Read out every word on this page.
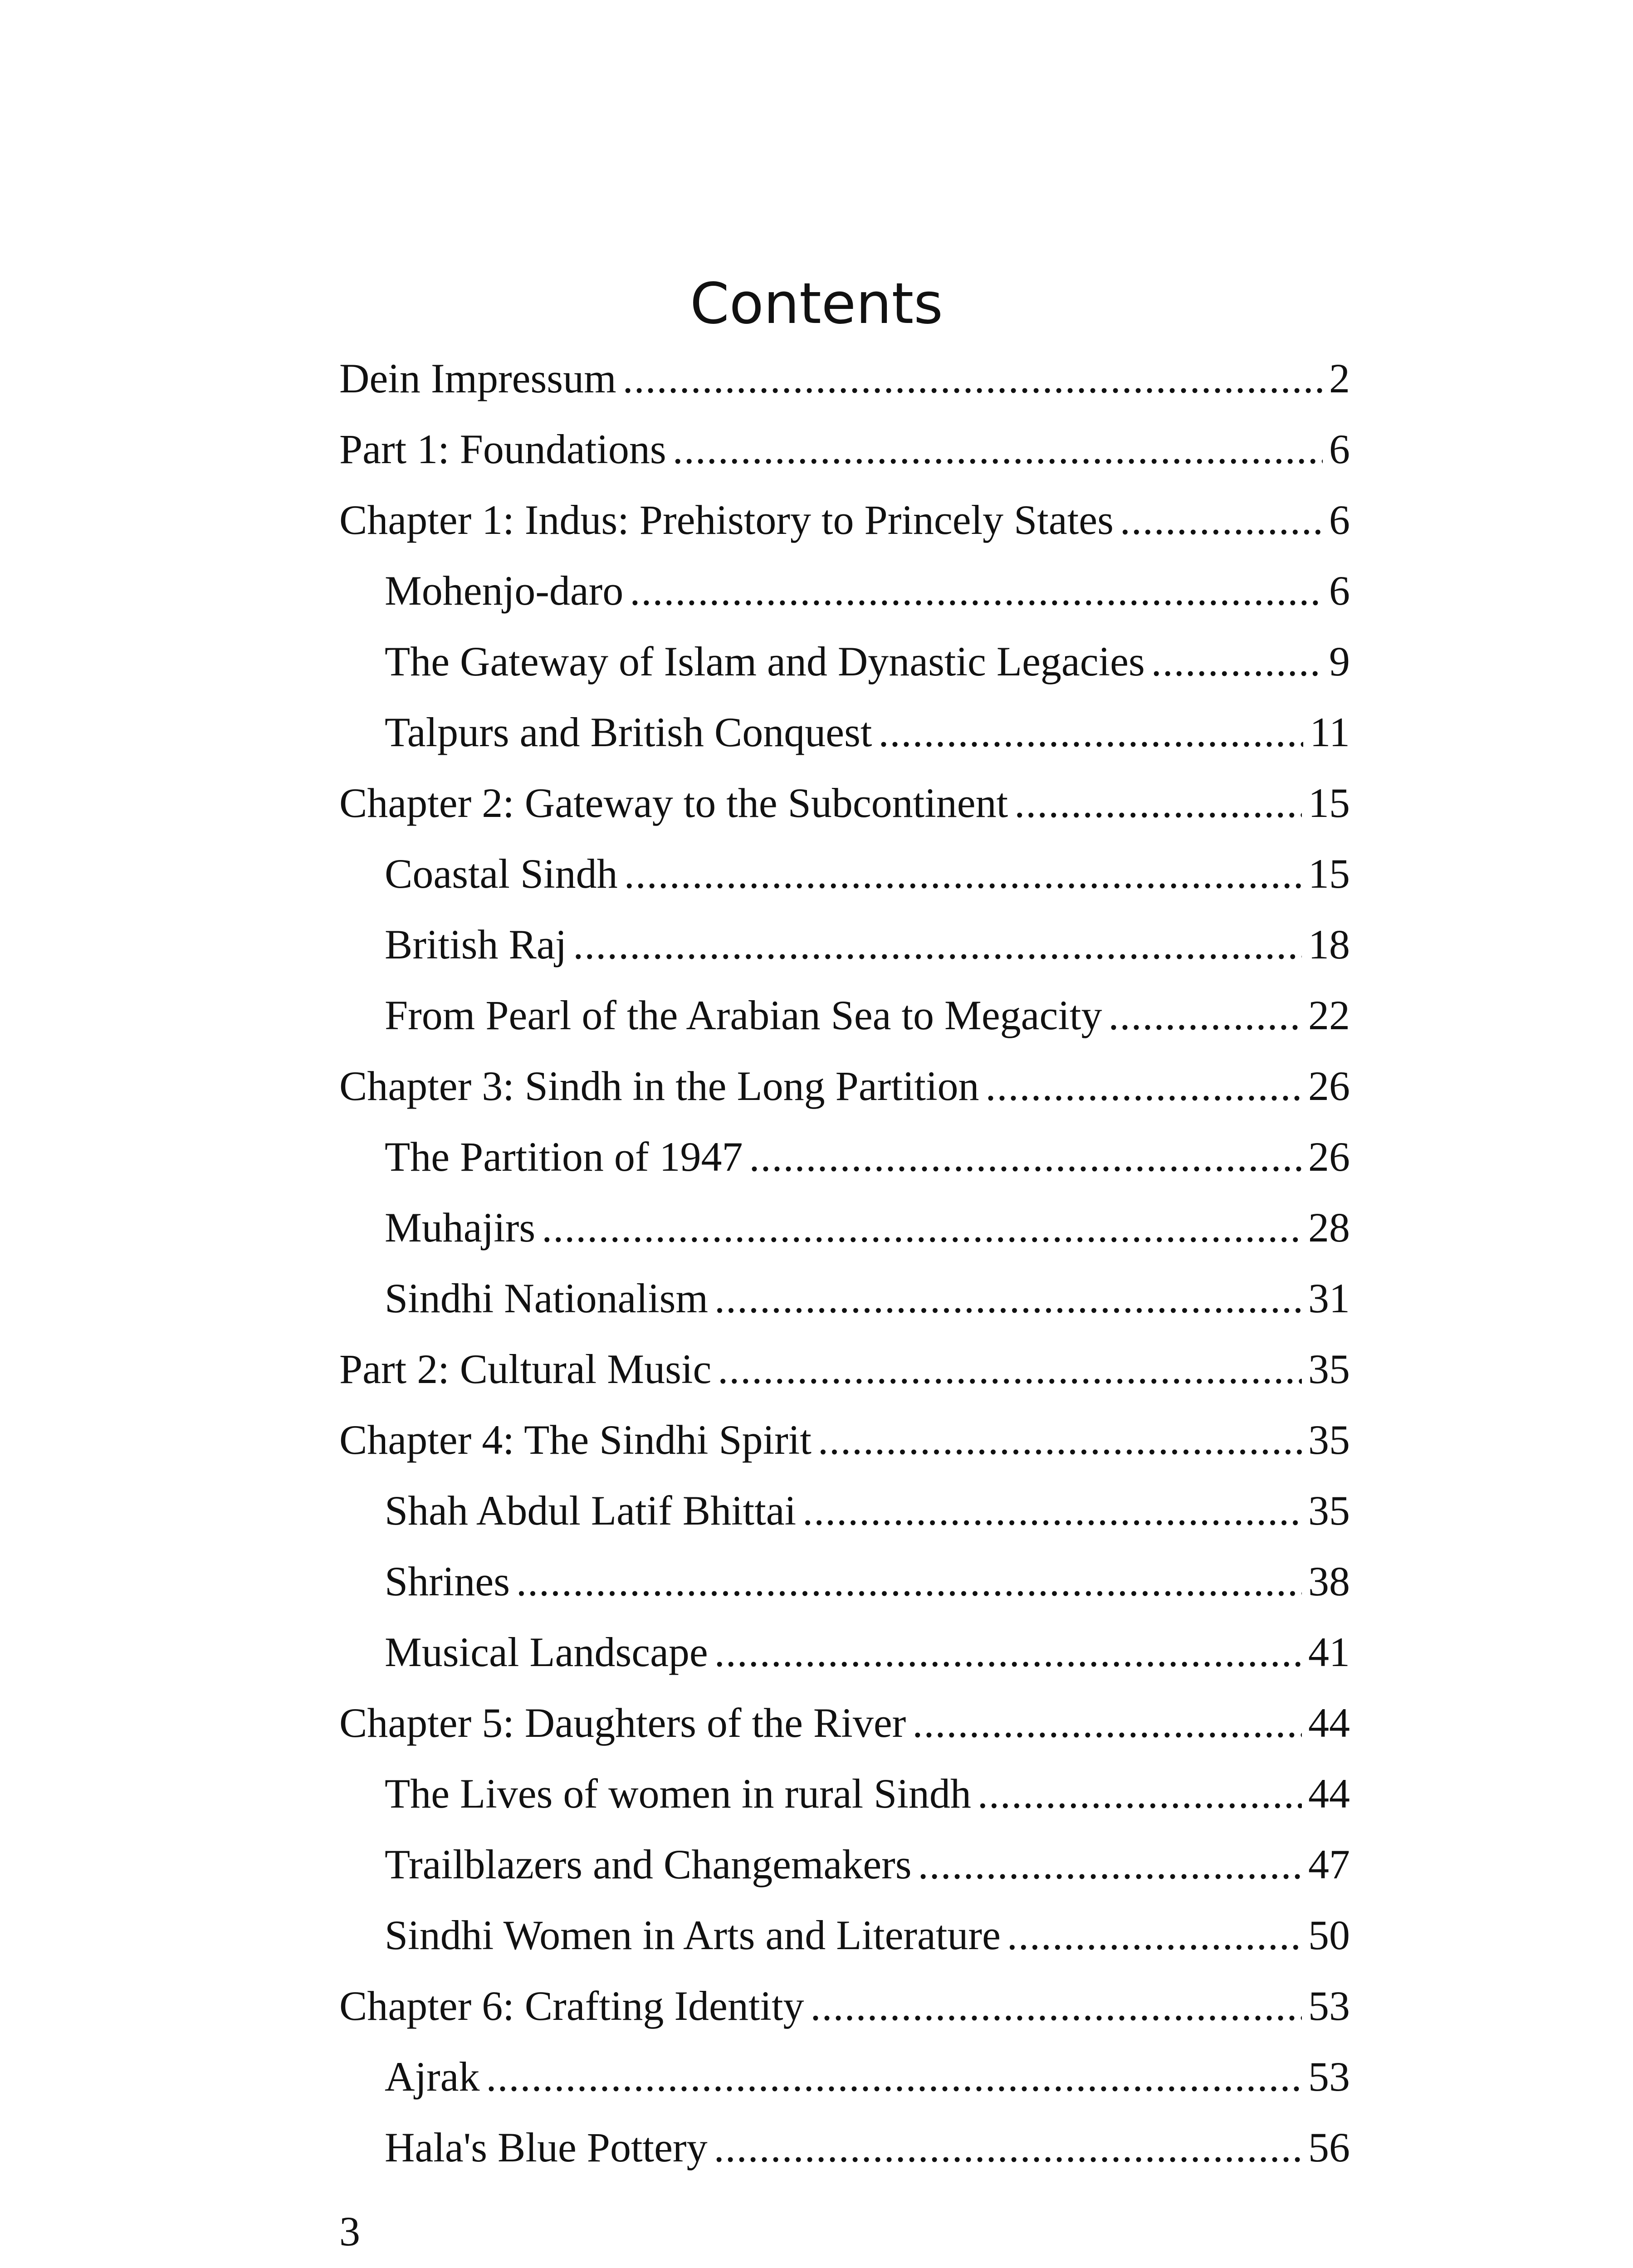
Contents
Dein Impressum .....	2
Part 1: Foundations .....	6
Chapter 1: Indus: Prehistory to Princely States .....	6
Mohenjo-daro .....	6
The Gateway of Islam and Dynastic Legacies .....	9
Talpurs and British Conquest .....	11
Chapter 2: Gateway to the Subcontinent .....	15
Coastal Sindh .....	15
British Raj .....	18
From Pearl of the Arabian Sea to Megacity .....	22
Chapter 3: Sindh in the Long Partition .....	26
The Partition of 1947 .....	26
Muhajirs .....	28
Sindhi Nationalism .....	31
Part 2: Cultural Music .....	35
Chapter 4: The Sindhi Spirit .....	35
Shah Abdul Latif Bhittai .....	35
Shrines .....	38
Musical Landscape .....	41
Chapter 5: Daughters of the River .....	44
The Lives of women in rural Sindh .....	44
Trailblazers and Changemakers .....	47
Sindhi Women in Arts and Literature .....	50
Chapter 6: Crafting Identity .....	53
Ajrak .....	53
Hala's Blue Pottery .....	56

3
